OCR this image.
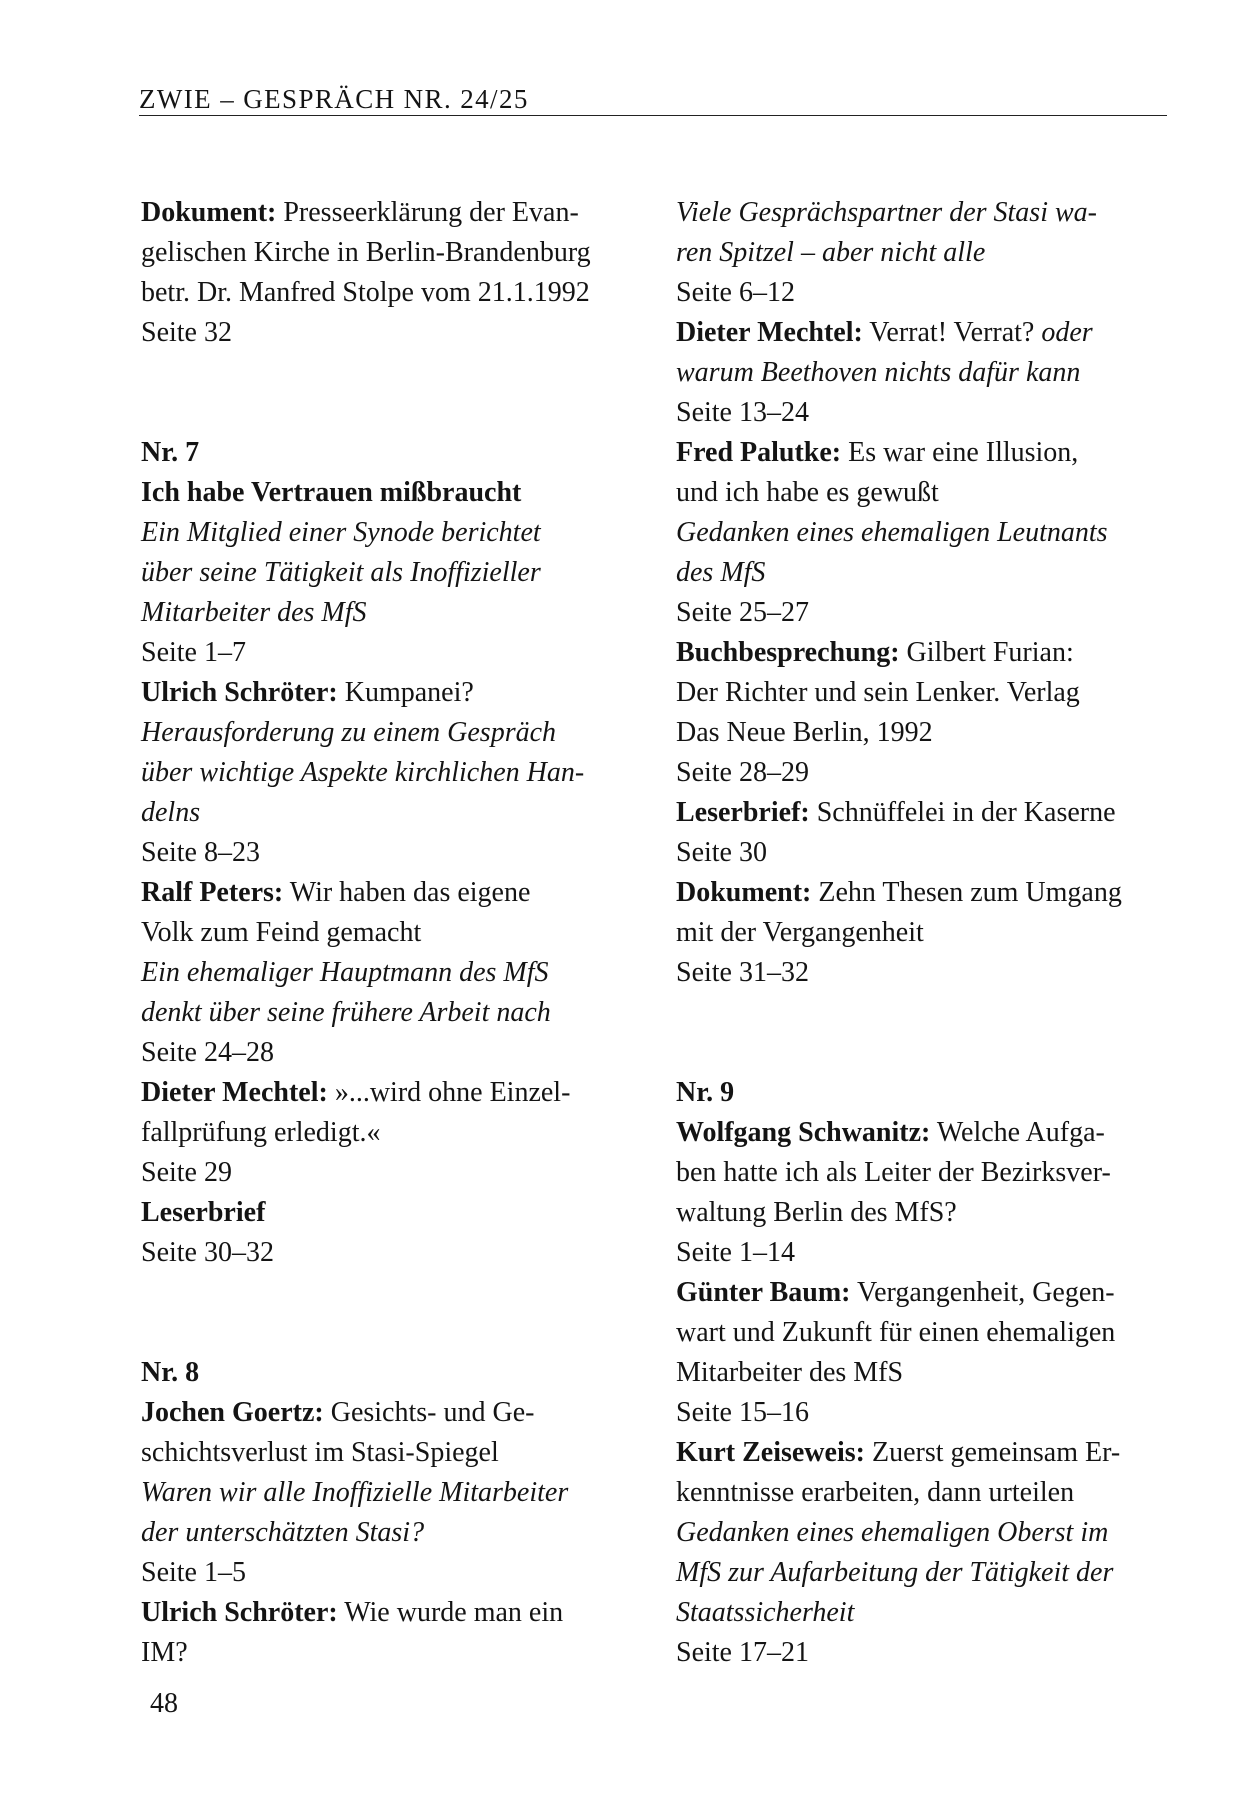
ZWIE – GESPRÄCH NR. 24/25
Dokument: Presseerklärung der Evan-
gelischen Kirche in Berlin-Brandenburg
betr. Dr. Manfred Stolpe vom 21.1.1992
Seite 32
Nr. 7
Ich habe Vertrauen mißbraucht
Ein Mitglied einer Synode berichtet
über seine Tätigkeit als Inoffizieller
Mitarbeiter des MfS
Seite 1–7
Ulrich Schröter: Kumpanei?
Herausforderung zu einem Gespräch
über wichtige Aspekte kirchlichen Han-
delns
Seite 8–23
Ralf Peters: Wir haben das eigene
Volk zum Feind gemacht
Ein ehemaliger Hauptmann des MfS
denkt über seine frühere Arbeit nach
Seite 24–28
Dieter Mechtel: »...wird ohne Einzel-
fallprüfung erledigt.«
Seite 29
Leserbrief
Seite 30–32
Nr. 8
Jochen Goertz: Gesichts- und Ge-
schichtsverlust im Stasi-Spiegel
Waren wir alle Inoffizielle Mitarbeiter
der unterschätzten Stasi?
Seite 1–5
Ulrich Schröter: Wie wurde man ein
IM?
Viele Gesprächspartner der Stasi wa-
ren Spitzel – aber nicht alle
Seite 6–12
Dieter Mechtel: Verrat! Verrat? oder
warum Beethoven nichts dafür kann
Seite 13–24
Fred Palutke: Es war eine Illusion,
und ich habe es gewußt
Gedanken eines ehemaligen Leutnants
des MfS
Seite 25–27
Buchbesprechung: Gilbert Furian:
Der Richter und sein Lenker. Verlag
Das Neue Berlin, 1992
Seite 28–29
Leserbrief: Schnüffelei in der Kaserne
Seite 30
Dokument: Zehn Thesen zum Umgang
mit der Vergangenheit
Seite 31–32
Nr. 9
Wolfgang Schwanitz: Welche Aufga-
ben hatte ich als Leiter der Bezirksver-
waltung Berlin des MfS?
Seite 1–14
Günter Baum: Vergangenheit, Gegen-
wart und Zukunft für einen ehemaligen
Mitarbeiter des MfS
Seite 15–16
Kurt Zeiseweis: Zuerst gemeinsam Er-
kenntnisse erarbeiten, dann urteilen
Gedanken eines ehemaligen Oberst im
MfS zur Aufarbeitung der Tätigkeit der
Staatssicherheit
Seite 17–21
48
